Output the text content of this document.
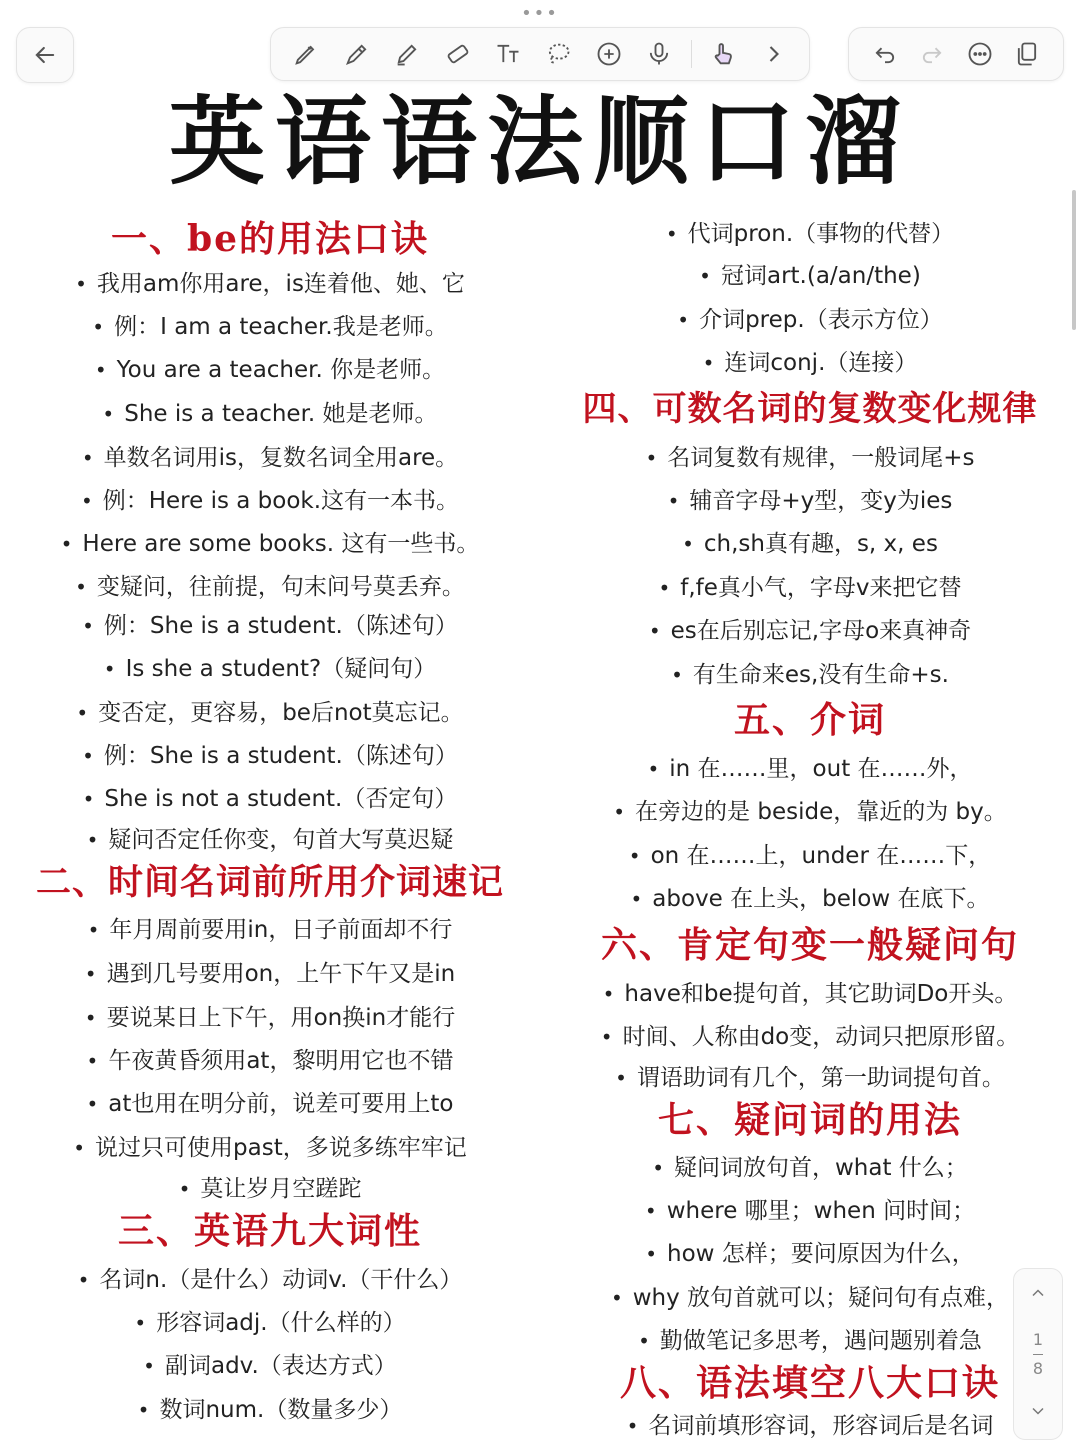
•••
英语语法顺口溜
一、be的用法口诀
• 我用am你用are，is连着他、她、它
• 例：I am a teacher.我是老师。
• You are a teacher. 你是老师。
• She is a teacher. 她是老师。
• 单数名词用is，复数名词全用are。
• 例：Here is a book.这有一本书。
• Here are some books. 这有一些书。
• 变疑问，往前提，句末问号莫丢弃。
• 例：She is a student.（陈述句）
• Is she a student?（疑问句）
• 变否定，更容易，be后not莫忘记。
• 例：She is a student.（陈述句）
• She is not a student.（否定句）
• 疑问否定任你变，句首大写莫迟疑
二、时间名词前所用介词速记
• 年月周前要用in，日子前面却不行
• 遇到几号要用on，上午下午又是in
• 要说某日上下午，用on换in才能行
• 午夜黄昏须用at，黎明用它也不错
• at也用在明分前，说差可要用上to
• 说过只可使用past，多说多练牢牢记
• 莫让岁月空蹉跎
三、英语九大词性
• 名词n.（是什么）动词v.（干什么）
• 形容词adj.（什么样的）
• 副词adv.（表达方式）
• 数词num.（数量多少）
• 代词pron.（事物的代替）
• 冠词art.(a/an/the)
• 介词prep.（表示方位）
• 连词conj.（连接）
四、可数名词的复数变化规律
• 名词复数有规律，一般词尾+s
• 辅音字母+y型，变y为ies
• ch,sh真有趣，s, x, es
• f,fe真小气，字母v来把它替
• es在后别忘记,字母o来真神奇
• 有生命来es,没有生命+s.
五、介词
• in 在……里，out 在……外，
• 在旁边的是 beside，靠近的为 by。
• on 在……上，under 在……下，
• above 在上头，below 在底下。
六、肯定句变一般疑问句
• have和be提句首，其它助词Do开头。
• 时间、人称由do变，动词只把原形留。
• 谓语助词有几个，第一助词提句首。
七、疑问词的用法
• 疑问词放句首，what 什么；
• where 哪里；when 问时间；
• how 怎样；要问原因为什么，
• why 放句首就可以；疑问句有点难，
• 勤做笔记多思考，遇问题别着急
八、语法填空八大口诀
• 名词前填形容词，形容词后是名词
1
8
